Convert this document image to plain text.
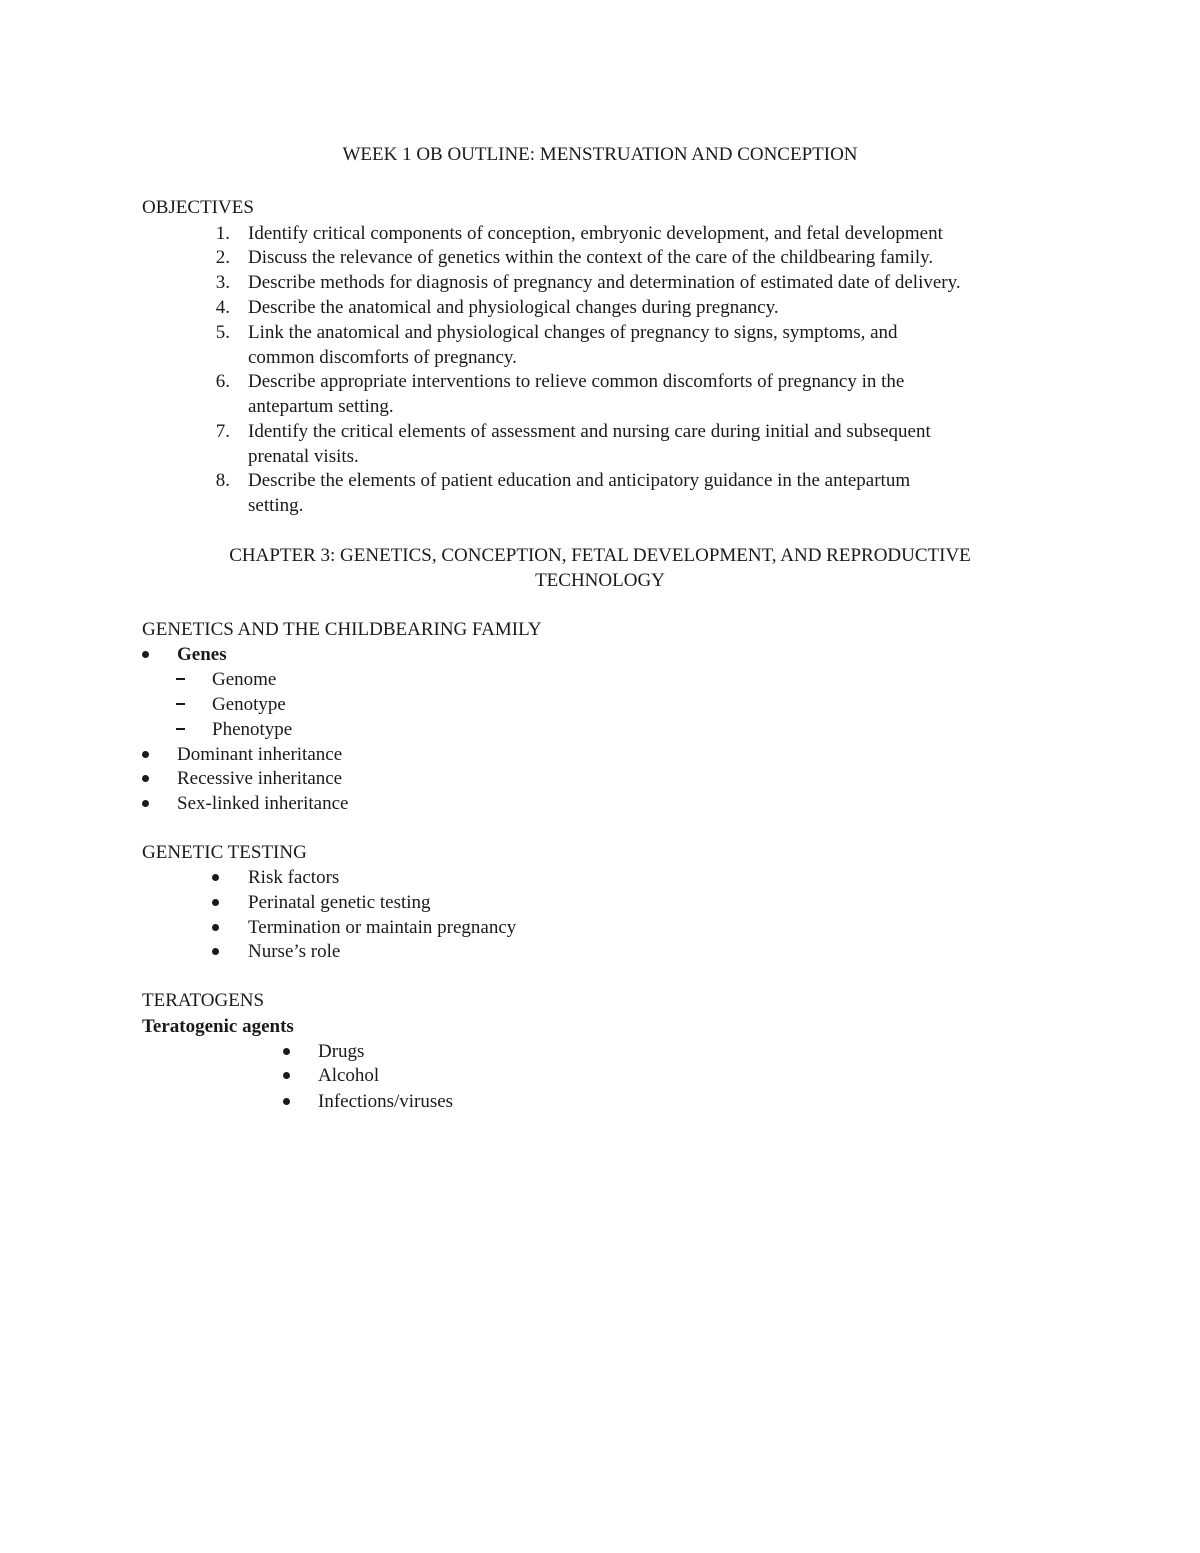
WEEK 1 OB OUTLINE: MENSTRUATION AND CONCEPTION
OBJECTIVES
1. Identify critical components of conception, embryonic development, and fetal development
2. Discuss the relevance of genetics within the context of the care of the childbearing family.
3. Describe methods for diagnosis of pregnancy and determination of estimated date of delivery.
4. Describe the anatomical and physiological changes during pregnancy.
5. Link the anatomical and physiological changes of pregnancy to signs, symptoms, and
common discomforts of pregnancy.
6. Describe appropriate interventions to relieve common discomforts of pregnancy in the
antepartum setting.
7. Identify the critical elements of assessment and nursing care during initial and subsequent
prenatal visits.
8. Describe the elements of patient education and anticipatory guidance in the antepartum
setting.
CHAPTER 3: GENETICS, CONCEPTION, FETAL DEVELOPMENT, AND REPRODUCTIVE
TECHNOLOGY
GENETICS AND THE CHILDBEARING FAMILY
Genes
Genome
Genotype
Phenotype
Dominant inheritance
Recessive inheritance
Sex-linked inheritance
GENETIC TESTING
Risk factors
Perinatal genetic testing
Termination or maintain pregnancy
Nurse’s role
TERATOGENS
Teratogenic agents
Drugs
Alcohol
Infections/viruses
